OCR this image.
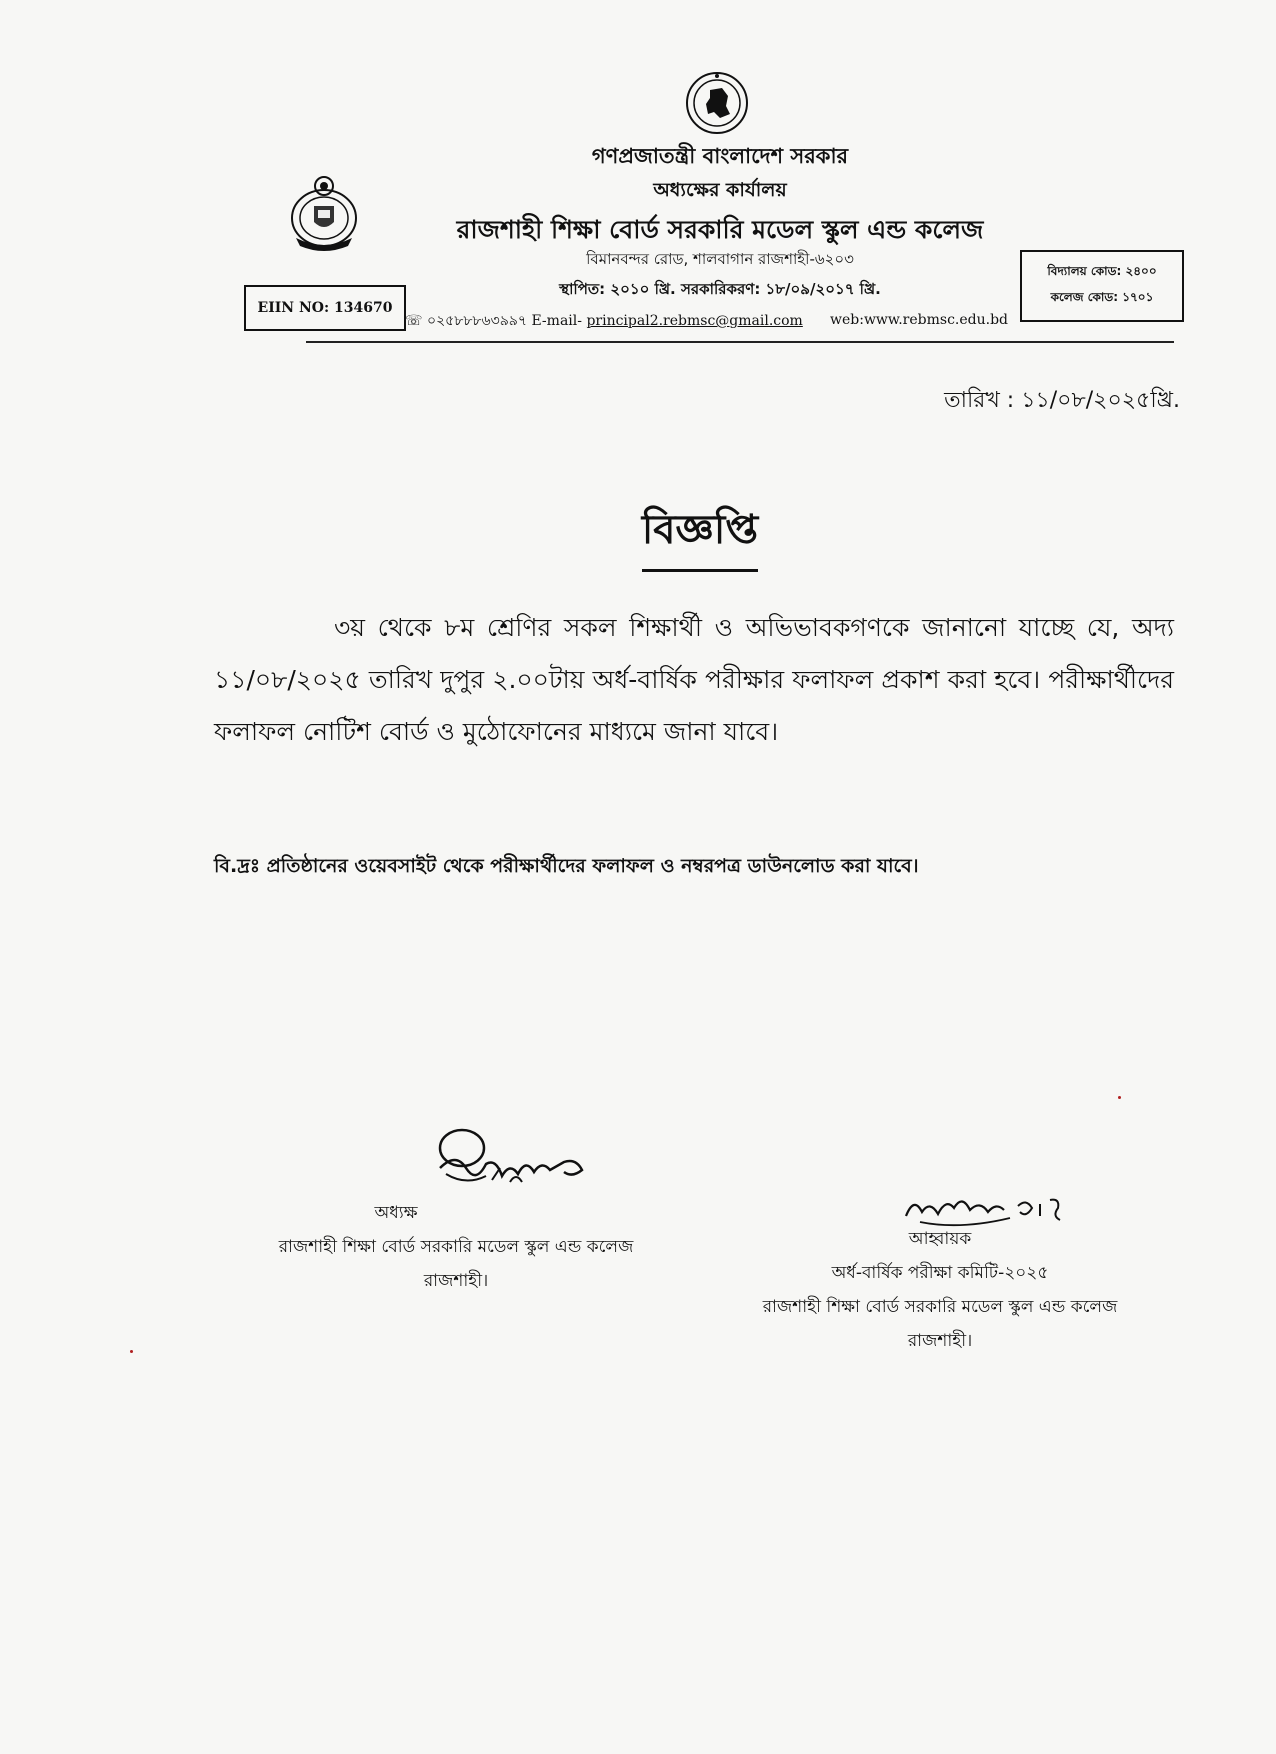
গণপ্রজাতন্ত্রী বাংলাদেশ সরকার
অধ্যক্ষের কার্যালয়
রাজশাহী শিক্ষা বোর্ড সরকারি মডেল স্কুল এন্ড কলেজ
বিমানবন্দর রোড, শালবাগান রাজশাহী-৬২০৩
স্থাপিত: ২০১০ খ্রি. সরকারিকরণ: ১৮/০৯/২০১৭ খ্রি.
☏ ০২৫৮৮৮৬৩৯৯৭ E-mail- principal2.rebmsc@gmail.com web:www.rebmsc.edu.bd
EIIN NO: 134670
বিদ্যালয় কোড: ২৪০০
কলেজ কোড: ১৭০১
তারিখ : ১১/০৮/২০২৫খ্রি.
বিজ্ঞপ্তি
৩য় থেকে ৮ম শ্রেণির সকল শিক্ষার্থী ও অভিভাবকগণকে জানানো যাচ্ছে যে, অদ্য ১১/০৮/২০২৫ তারিখ দুপুর ২.০০টায় অর্ধ-বার্ষিক পরীক্ষার ফলাফল প্রকাশ করা হবে। পরীক্ষার্থীদের ফলাফল নোটিশ বোর্ড ও মুঠোফোনের মাধ্যমে জানা যাবে।
বি.দ্রঃ প্রতিষ্ঠানের ওয়েবসাইট থেকে পরীক্ষার্থীদের ফলাফল ও নম্বরপত্র ডাউনলোড করা যাবে।
অধ্যক্ষ
রাজশাহী শিক্ষা বোর্ড সরকারি মডেল স্কুল এন্ড কলেজ
রাজশাহী।
আহ্বায়ক
অর্ধ-বার্ষিক পরীক্ষা কমিটি-২০২৫
রাজশাহী শিক্ষা বোর্ড সরকারি মডেল স্কুল এন্ড কলেজ
রাজশাহী।
